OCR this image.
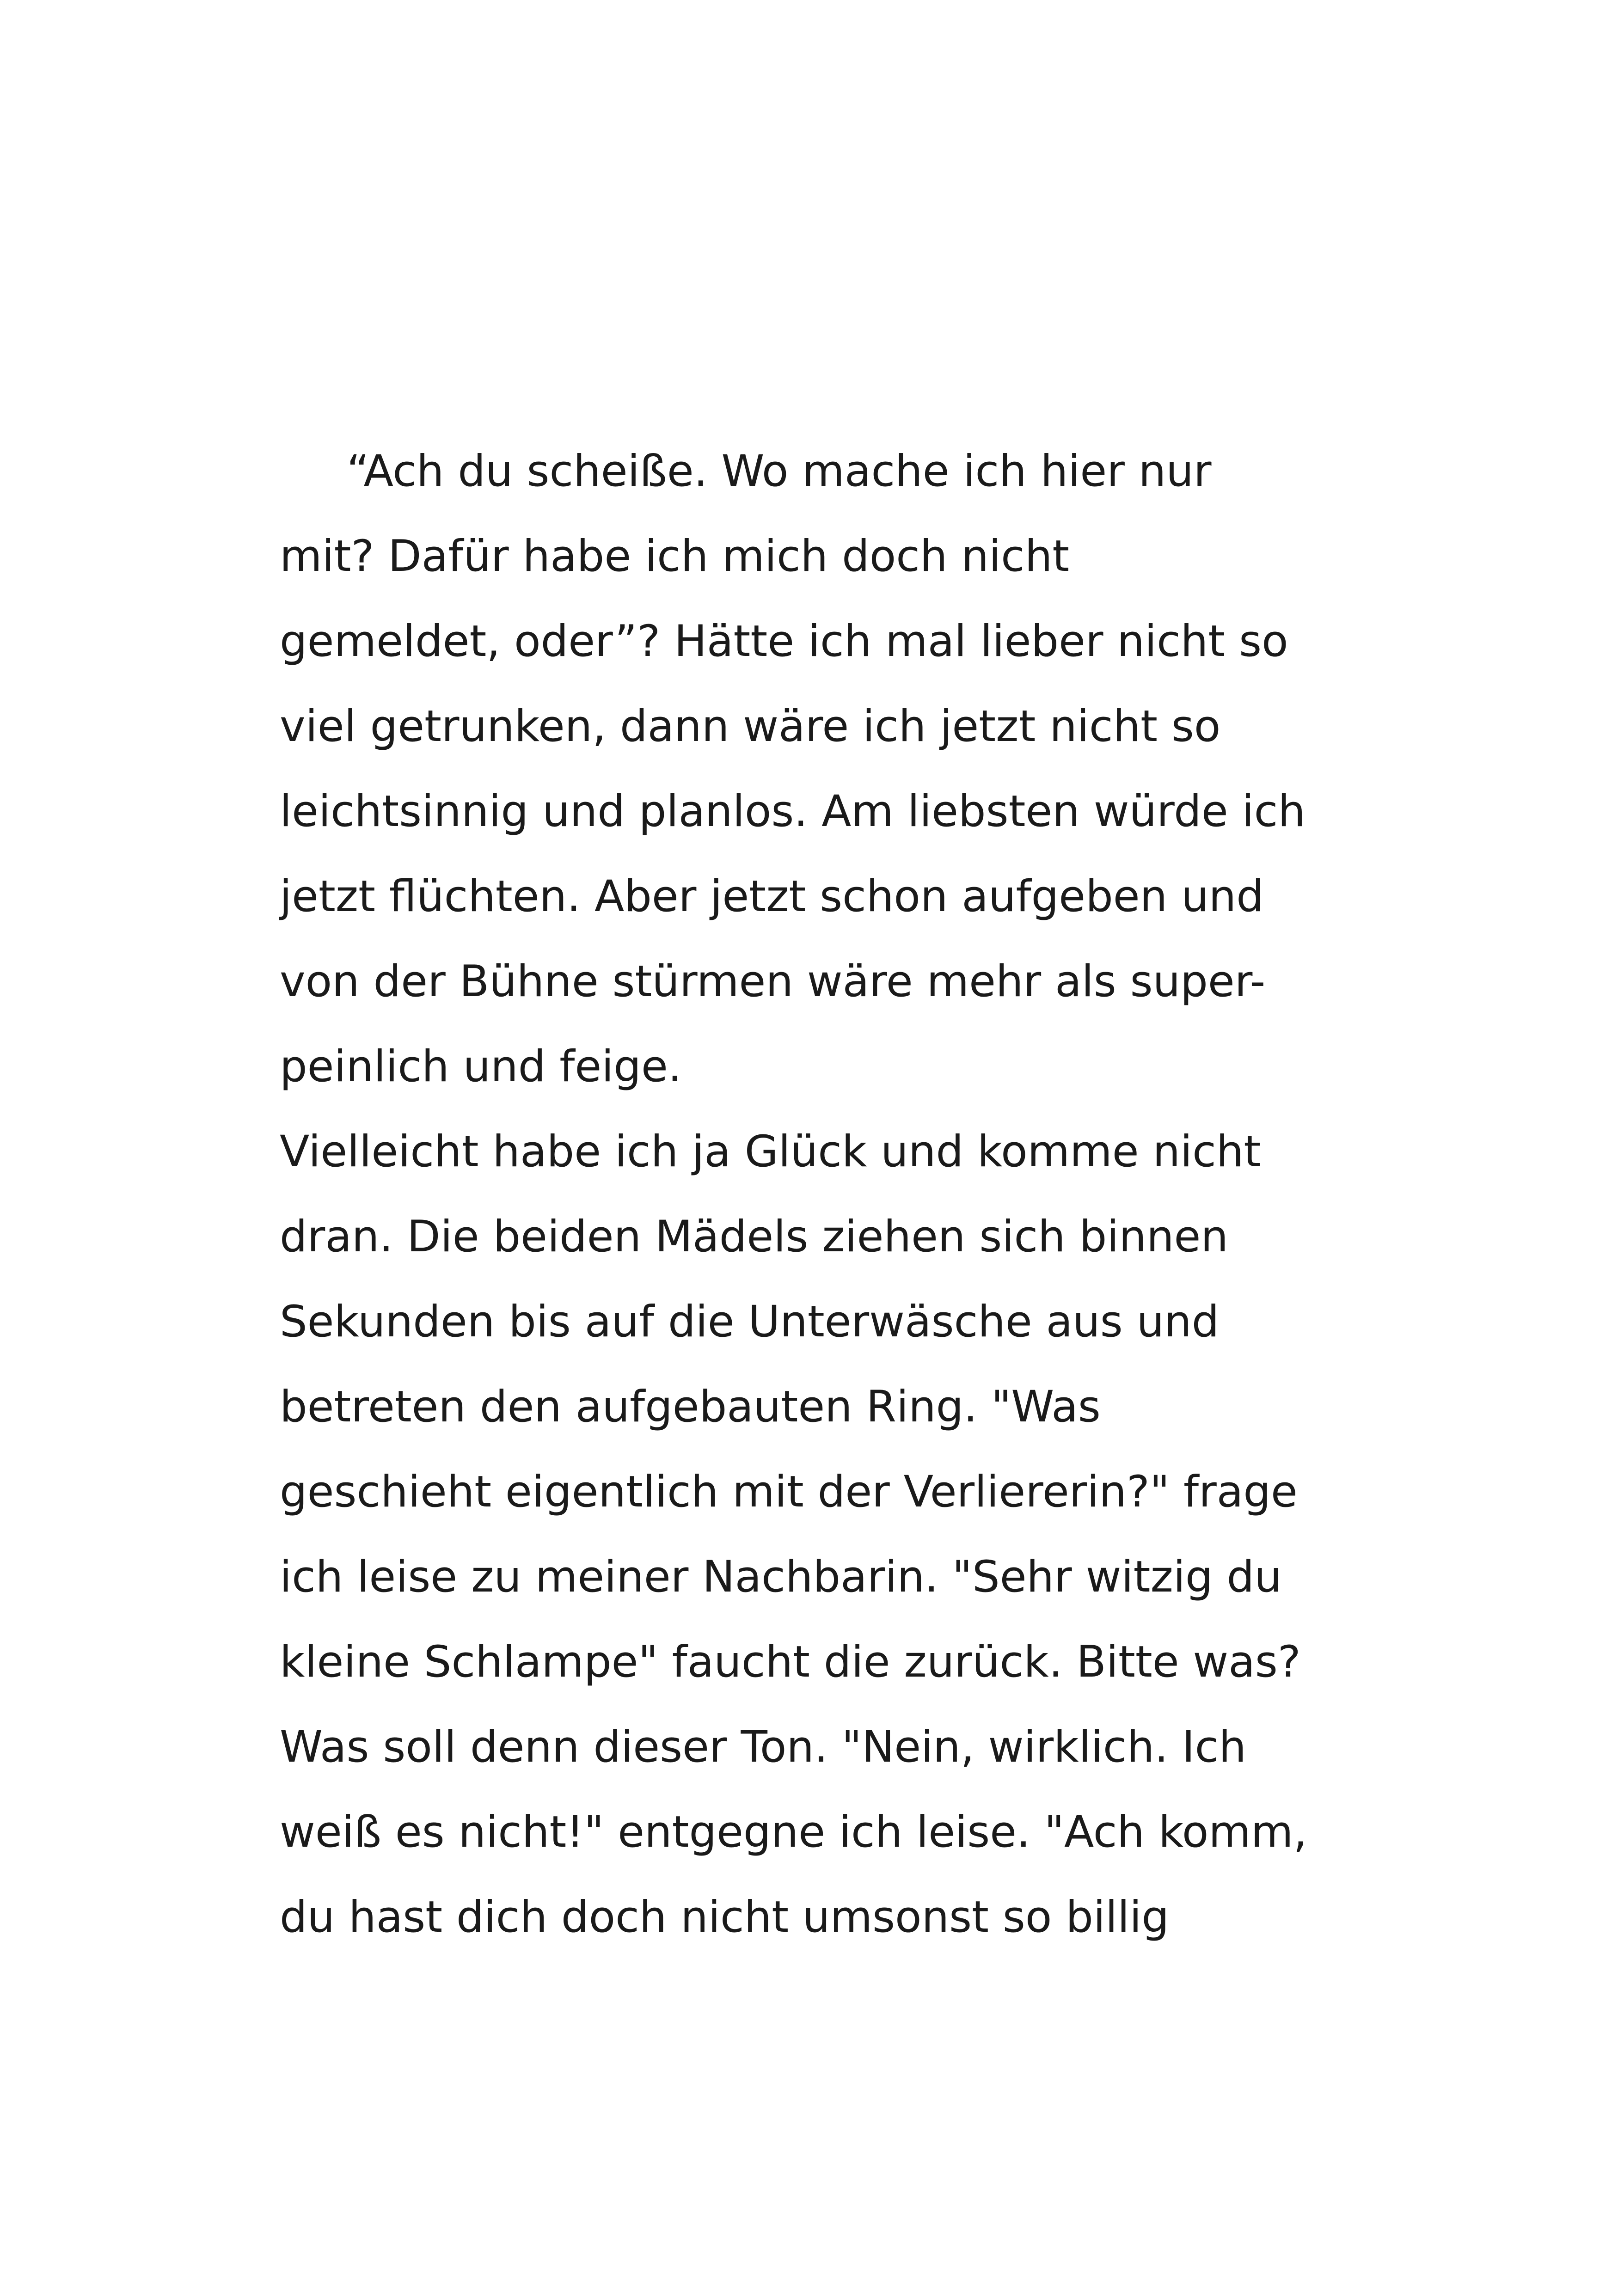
“Ach du scheiße. Wo mache ich hier nur
mit? Dafür habe ich mich doch nicht
gemeldet, oder”? Hätte ich mal lieber nicht so
viel getrunken, dann wäre ich jetzt nicht so
leichtsinnig und planlos. Am liebsten würde ich
jetzt flüchten. Aber jetzt schon aufgeben und
von der Bühne stürmen wäre mehr als super-
peinlich und feige.
Vielleicht habe ich ja Glück und komme nicht
dran. Die beiden Mädels ziehen sich binnen
Sekunden bis auf die Unterwäsche aus und
betreten den aufgebauten Ring. "Was
geschieht eigentlich mit der Verliererin?" frage
ich leise zu meiner Nachbarin. "Sehr witzig du
kleine Schlampe" faucht die zurück. Bitte was?
Was soll denn dieser Ton. "Nein, wirklich. Ich
weiß es nicht!" entgegne ich leise. "Ach komm,
du hast dich doch nicht umsonst so billig
